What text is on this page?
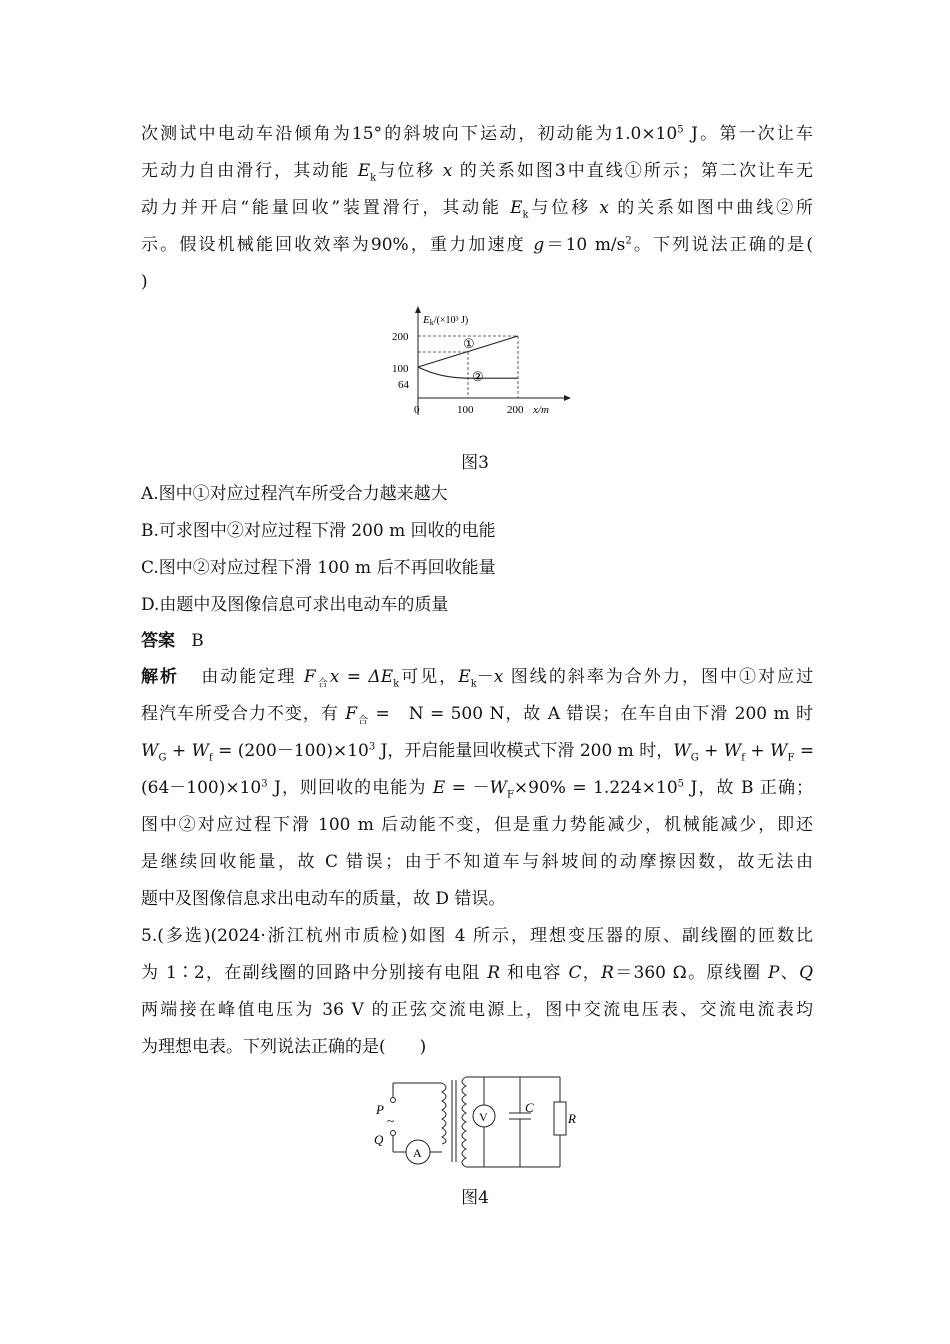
次测试中电动车沿倾角为15°的斜坡向下运动，初动能为$1.0\times 10^5$ J。第一次让车
无动力自由滑行，其动能 $E_k$与位移 x 的关系如图3中直线①所示；第二次让车无
动力并开启“能量回收”装置滑行，其动能 $E_k$与位移 x 的关系如图中曲线②所
示。假设机械能回收效率为90%，重力加速度 g＝10 $m/s^2$。下列说法正确的是(
)
Ek/(×10³ J)
x/m
200
100
64
0	100	200
①
②
图3
A.图中①对应过程汽车所受合力越来越大
B.可求图中②对应过程下滑 200 m 回收的电能
C.图中②对应过程下滑 100 m 后不再回收能量
D.由题中及图像信息可求出电动车的质量
答案 B
解析 由动能定理 $F_合x = \Delta E_k$可见，$E_k-x$ 图线的斜率为合外力，图中①对应过
程汽车所受合力不变，有 $F_合$ =　N = 500 N，故 A 错误；在车自由下滑 200 m 时
$W_G + W_f = (200-100)\times 10^3$ J，开启能量回收模式下滑 200 m 时，$W_G + W_f + W_F$ =
$(64-100)\times 10^3$ J，则回收的电能为 $E = -W_F\times 90\% = 1.224\times 10^5$ J，故 B 正确；
图中②对应过程下滑 100 m 后动能不变，但是重力势能减少，机械能减少，即还
是继续回收能量，故 C 错误；由于不知道车与斜坡间的动摩擦因数，故无法由
题中及图像信息求出电动车的质量，故 D 错误。
5.(多选)(2024·浙江杭州市质检)如图 4 所示，理想变压器的原、副线圈的匝数比
为 1∶2，在副线圈的回路中分别接有电阻 R 和电容 C，R＝360 Ω。原线圈 P、Q
两端接在峰值电压为 36 V 的正弦交流电源上，图中交流电压表、交流电流表均
为理想电表。下列说法正确的是(　　)
P
~
Q
A
V
C
R
图4
